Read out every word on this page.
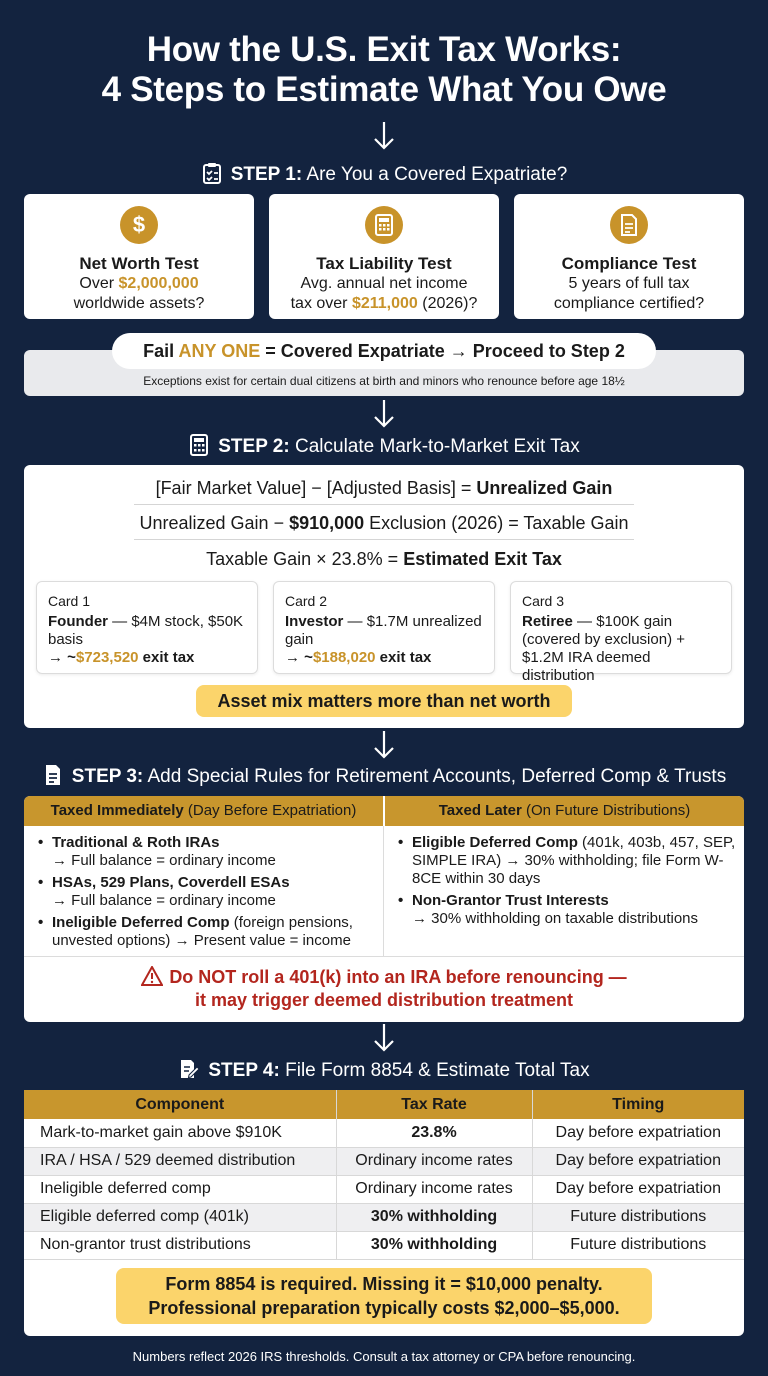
How the U.S. Exit Tax Works:
4 Steps to Estimate What You Owe
STEP 1: Are You a Covered Expatriate?
$
Net Worth Test
Over $2,000,000
worldwide assets?
Tax Liability Test
Avg. annual net income
tax over $211,000 (2026)?
Compliance Test
5 years of full tax
compliance certified?
Exceptions exist for certain dual citizens at birth and minors who renounce before age 18½
Fail ANY ONE = Covered Expatriate → Proceed to Step 2
STEP 2: Calculate Mark-to-Market Exit Tax
[Fair Market Value] − [Adjusted Basis] = Unrealized Gain
Unrealized Gain − $910,000 Exclusion (2026) = Taxable Gain
Taxable Gain × 23.8% = Estimated Exit Tax
Card 1
Founder — $4M stock, $50K basis
→ ~$723,520 exit tax
Card 2
Investor — $1.7M unrealized gain
→ ~$188,020 exit tax
Card 3
Retiree — $100K gain (covered by exclusion) + $1.2M IRA deemed distribution
Asset mix matters more than net worth
STEP 3: Add Special Rules for Retirement Accounts, Deferred Comp & Trusts
Taxed Immediately (Day Before Expatriation)	Taxed Later (On Future Distributions)
• Traditional & Roth IRAs
→ Full balance = ordinary income
• HSAs, 529 Plans, Coverdell ESAs
→ Full balance = ordinary income
• Ineligible Deferred Comp (foreign pensions, unvested options) → Present value = income
• Eligible Deferred Comp (401k, 403b, 457, SEP, SIMPLE IRA) → 30% withholding; file Form W-8CE within 30 days
• Non-Grantor Trust Interests
→ 30% withholding on taxable distributions
Do NOT roll a 401(k) into an IRA before renouncing —
it may trigger deemed distribution treatment
STEP 4: File Form 8854 & Estimate Total Tax
Component	Tax Rate	Timing
Mark-to-market gain above $910K	23.8%	Day before expatriation
IRA / HSA / 529 deemed distribution	Ordinary income rates	Day before expatriation
Ineligible deferred comp	Ordinary income rates	Day before expatriation
Eligible deferred comp (401k)	30% withholding	Future distributions
Non-grantor trust distributions	30% withholding	Future distributions
Form 8854 is required. Missing it = $10,000 penalty.
Professional preparation typically costs $2,000–$5,000.
Numbers reflect 2026 IRS thresholds. Consult a tax attorney or CPA before renouncing.
